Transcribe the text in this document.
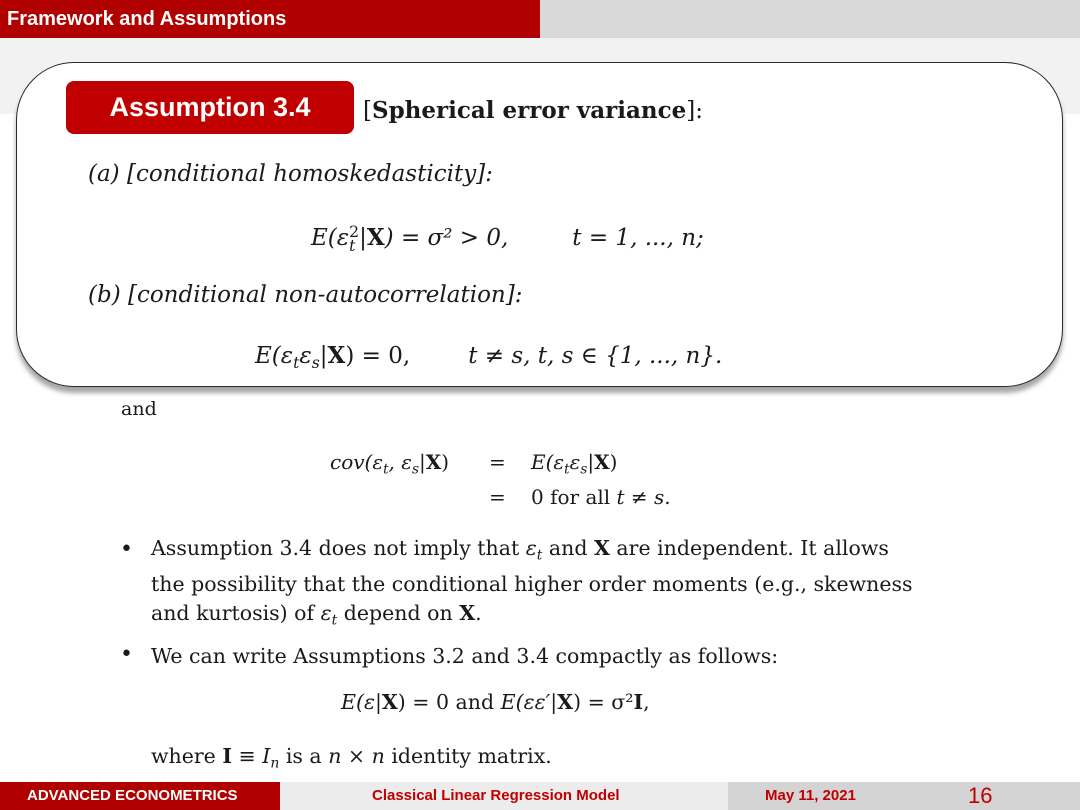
Framework and Assumptions
Assumption 3.4	[Spherical error variance]:
(a) [conditional homoskedasticity]:
E(ε 2
t |X) = σ² > 0,	t = 1, ..., n;
(b) [conditional non-autocorrelation]:
$E(\varepsilon_t\varepsilon_s|X) = 0$,	t ≠ s, t, s ∈ {1, ..., n}.
and
$cov(\varepsilon_t$, $\varepsilon_s|X) = E(\varepsilon_t\varepsilon_s|X)$
= 0 for all t ≠ s.
• Assumption 3.4 does not imply that $\varepsilon_t$ and X are independent. It allows
the possibility that the conditional higher order moments (e.g., skewness
and kurtosis) of $\varepsilon_t$ depend on X.
• We can write Assumptions 3.2 and 3.4 compactly as follows:
E(ε|X) = 0 and E(εε′|X) = σ²I,
where $I \equiv I_n$ is a n × n identity matrix.
ADVANCED ECONOMETRICS	Classical Linear Regression Model	May 11, 2021	16
